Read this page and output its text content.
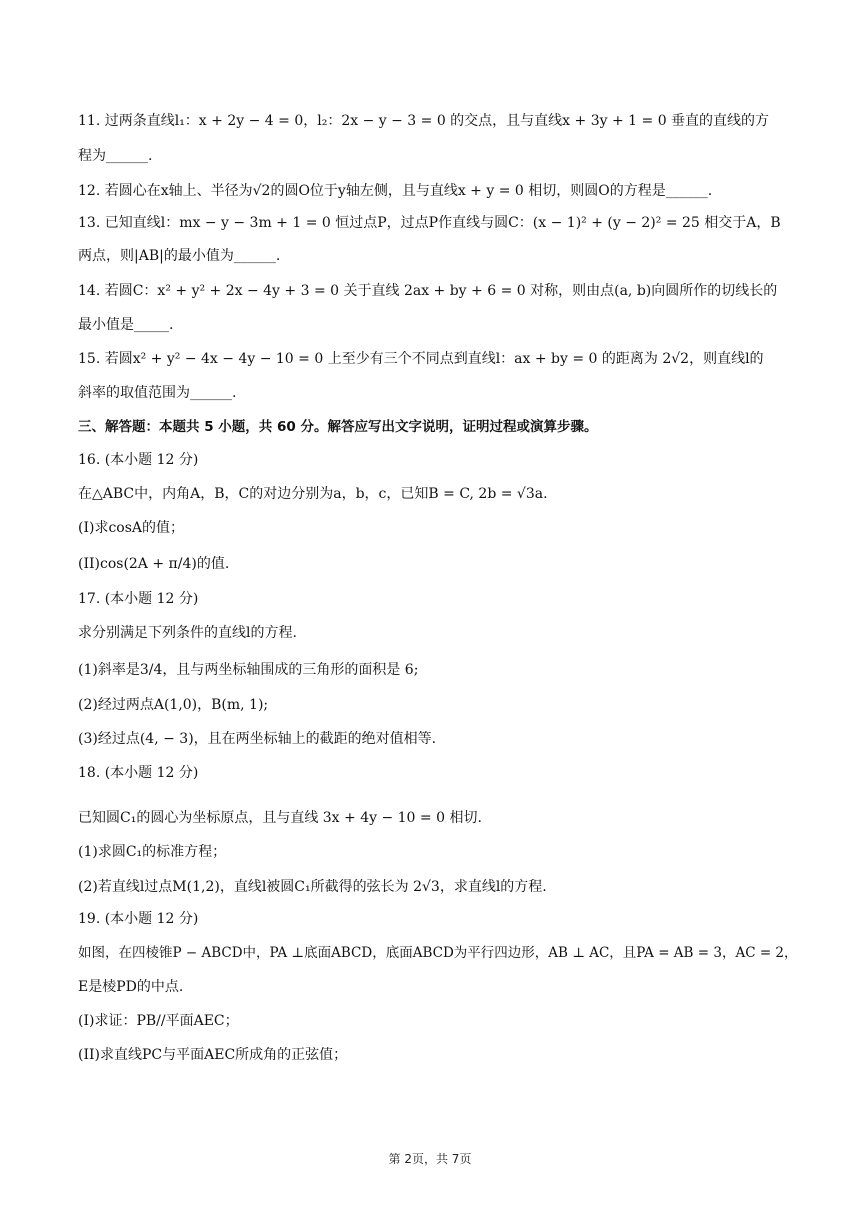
11. 过两条直线l₁：x + 2y − 4 = 0，l₂：2x − y − 3 = 0 的交点，且与直线x + 3y + 1 = 0 垂直的直线的方
程为______.
12. 若圆心在x轴上、半径为√2的圆O位于y轴左侧，且与直线x + y = 0 相切，则圆O的方程是______.
13. 已知直线l：mx − y − 3m + 1 = 0 恒过点P，过点P作直线与圆C：(x − 1)² + (y − 2)² = 25 相交于A，B
两点，则|AB|的最小值为______.
14. 若圆C：x² + y² + 2x − 4y + 3 = 0 关于直线 2ax + by + 6 = 0 对称，则由点(a, b)向圆所作的切线长的
最小值是_____.
15. 若圆x² + y² − 4x − 4y − 10 = 0 上至少有三个不同点到直线l：ax + by = 0 的距离为 2√2，则直线l的
斜率的取值范围为______.
三、解答题：本题共 5 小题，共 60 分。解答应写出文字说明，证明过程或演算步骤。
16. (本小题 12 分)
在△ABC中，内角A，B，C的对边分别为a，b，c，已知B = C, 2b = √3a.
(I)求cosA的值；
(II)cos(2A + π/4)的值.
17. (本小题 12 分)
求分别满足下列条件的直线l的方程.
(1)斜率是3/4，且与两坐标轴围成的三角形的面积是 6;
(2)经过两点A(1,0)，B(m, 1);
(3)经过点(4, − 3)，且在两坐标轴上的截距的绝对值相等.
18. (本小题 12 分)
已知圆C₁的圆心为坐标原点，且与直线 3x + 4y − 10 = 0 相切.
(1)求圆C₁的标准方程；
(2)若直线l过点M(1,2)，直线l被圆C₁所截得的弦长为 2√3，求直线l的方程.
19. (本小题 12 分)
如图，在四棱锥P − ABCD中，PA ⊥底面ABCD，底面ABCD为平行四边形，AB ⊥ AC，且PA = AB = 3，AC = 2，
E是棱PD的中点.
(I)求证：PB//平面AEC；
(II)求直线PC与平面AEC所成角的正弦值；
第 2页，共 7页
